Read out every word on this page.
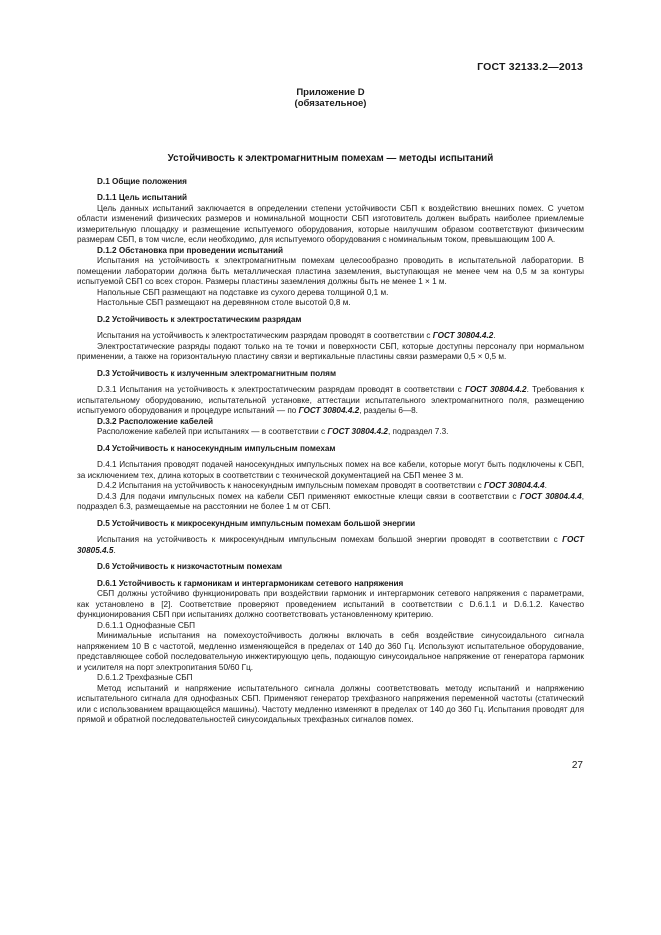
ГОСТ 32133.2—2013
Приложение D
(обязательное)
Устойчивость к электромагнитным помехам — методы испытаний
D.1 Общие положения
D.1.1 Цель испытаний

Цель данных испытаний заключается в определении степени устойчивости СБП к воздействию внешних помех. С учетом области изменений физических размеров и номинальной мощности СБП изготовитель должен выбрать наиболее приемлемые измерительную площадку и размещение испытуемого оборудования, которые наилучшим образом соответствуют физическим размерам СБП, в том числе, если необходимо, для испытуемого оборудования с номинальным током, превышающим 100 А.

D.1.2 Обстановка при проведении испытаний

Испытания на устойчивость к электромагнитным помехам целесообразно проводить в испытательной лаборатории. В помещении лаборатории должна быть металлическая пластина заземления, выступающая не менее чем на 0,5 м за контуры испытуемой СБП со всех сторон. Размеры пластины заземления должны быть не менее 1 × 1 м.

Напольные СБП размещают на подставке из сухого дерева толщиной 0,1 м.

Настольные СБП размещают на деревянном столе высотой 0,8 м.

D.2 Устойчивость к электростатическим разрядам

Испытания на устойчивость к электростатическим разрядам проводят в соответствии с ГОСТ 30804.4.2.

Электростатические разряды подают только на те точки и поверхности СБП, которые доступны персоналу при нормальном применении, а также на горизонтальную пластину связи и вертикальные пластины связи размерами 0,5 × 0,5 м.

D.3 Устойчивость к излученным электромагнитным полям

D.3.1 Испытания на устойчивость к электростатическим разрядам проводят в соответствии с ГОСТ 30804.4.2. Требования к испытательному оборудованию, испытательной установке, аттестации испытательного электромагнитного поля, размещению испытуемого оборудования и процедуре испытаний — по ГОСТ 30804.4.2, разделы 6—8.

D.3.2 Расположение кабелей

Расположение кабелей при испытаниях — в соответствии с ГОСТ 30804.4.2, подраздел 7.3.

D.4 Устойчивость к наносекундным импульсным помехам

D.4.1 Испытания проводят подачей наносекундных импульсных помех на все кабели, которые могут быть подключены к СБП, за исключением тех, длина которых в соответствии с технической документацией на СБП менее 3 м.

D.4.2 Испытания на устойчивость к наносекундным импульсным помехам проводят в соответствии с ГОСТ 30804.4.4.

D.4.3 Для подачи импульсных помех на кабели СБП применяют емкостные клещи связи в соответствии с ГОСТ 30804.4.4, подраздел 6.3, размещаемые на расстоянии не более 1 м от СБП.

D.5 Устойчивость к микросекундным импульсным помехам большой энергии

Испытания на устойчивость к микросекундным импульсным помехам большой энергии проводят в соответствии с ГОСТ 30805.4.5.

D.6 Устойчивость к низкочастотным помехам
D.6.1 Устойчивость к гармоникам и интергармоникам сетевого напряжения

СБП должны устойчиво функционировать при воздействии гармоник и интергармоник сетевого напряжения с параметрами, как установлено в [2]. Соответствие проверяют проведением испытаний в соответствии с D.6.1.1 и D.6.1.2. Качество функционирования СБП при испытаниях должно соответствовать установленному критерию.

D.6.1.1 Однофазные СБП

Минимальные испытания на помехоустойчивость должны включать в себя воздействие синусоидального сигнала напряжением 10 В с частотой, медленно изменяющейся в пределах от 140 до 360 Гц. Используют испытательное оборудование, представляющее собой последовательную инжектирующую цепь, подающую синусоидальное напряжение от генератора гармоник и усилителя на порт электропитания 50/60 Гц.

D.6.1.2 Трехфазные СБП

Метод испытаний и напряжение испытательного сигнала должны соответствовать методу испытаний и напряжению испытательного сигнала для однофазных СБП. Применяют генератор трехфазного напряжения переменной частоты (статический или с использованием вращающейся машины). Частоту медленно изменяют в пределах от 140 до 360 Гц. Испытания проводят для прямой и обратной последовательностей синусоидальных трехфазных сигналов помех.

27
